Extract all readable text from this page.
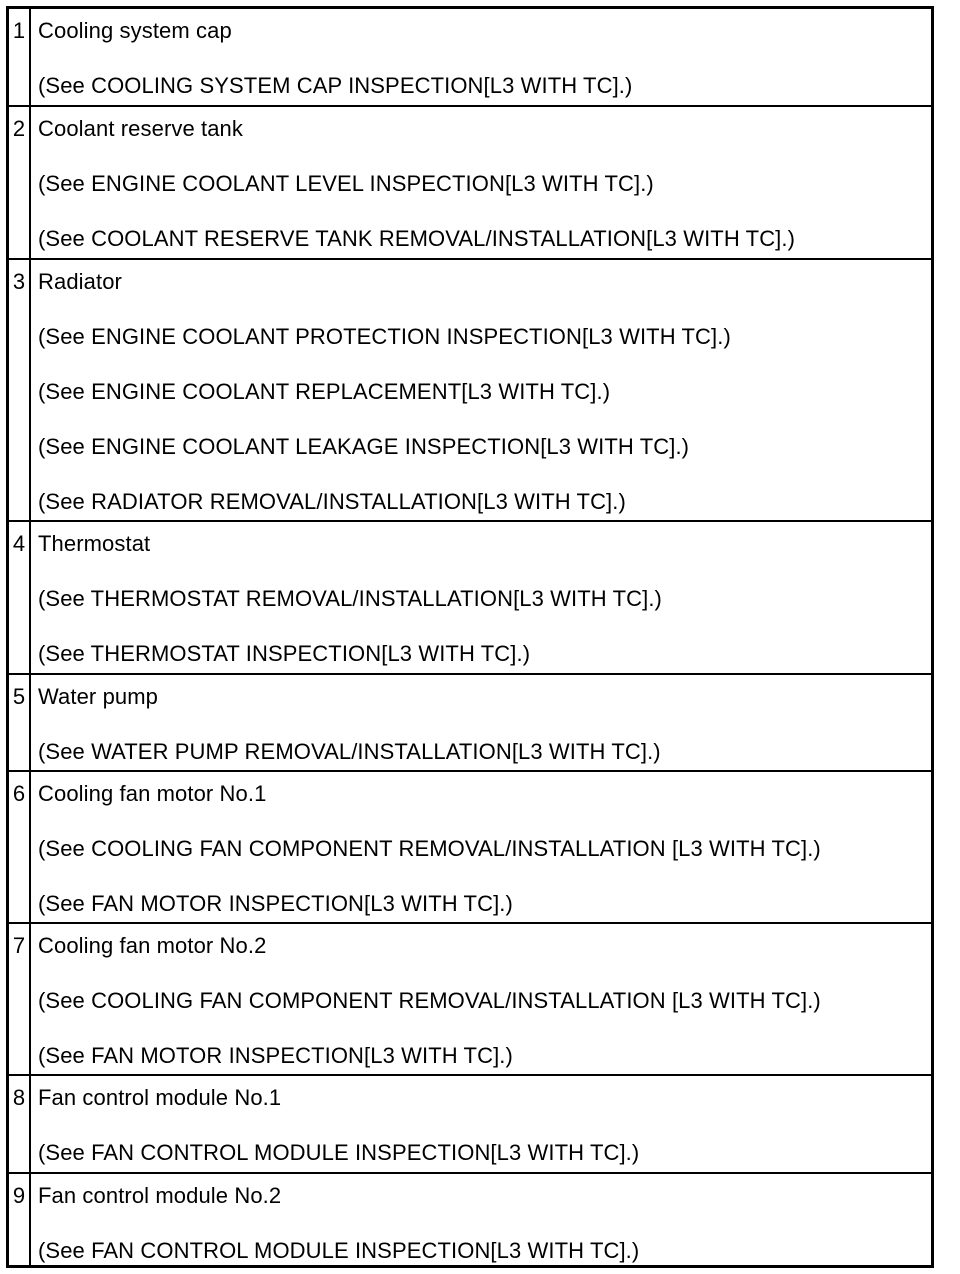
1 Cooling system cap
(See COOLING SYSTEM CAP INSPECTION[L3 WITH TC].)
2 Coolant reserve tank
(See ENGINE COOLANT LEVEL INSPECTION[L3 WITH TC].)
(See COOLANT RESERVE TANK REMOVAL/INSTALLATION[L3 WITH TC].)
3 Radiator
(See ENGINE COOLANT PROTECTION INSPECTION[L3 WITH TC].)
(See ENGINE COOLANT REPLACEMENT[L3 WITH TC].)
(See ENGINE COOLANT LEAKAGE INSPECTION[L3 WITH TC].)
(See RADIATOR REMOVAL/INSTALLATION[L3 WITH TC].)
4 Thermostat
(See THERMOSTAT REMOVAL/INSTALLATION[L3 WITH TC].)
(See THERMOSTAT INSPECTION[L3 WITH TC].)
5 Water pump
(See WATER PUMP REMOVAL/INSTALLATION[L3 WITH TC].)
6 Cooling fan motor No.1
(See COOLING FAN COMPONENT REMOVAL/INSTALLATION [L3 WITH TC].)
(See FAN MOTOR INSPECTION[L3 WITH TC].)
7 Cooling fan motor No.2
(See COOLING FAN COMPONENT REMOVAL/INSTALLATION [L3 WITH TC].)
(See FAN MOTOR INSPECTION[L3 WITH TC].)
8 Fan control module No.1
(See FAN CONTROL MODULE INSPECTION[L3 WITH TC].)
9 Fan control module No.2
(See FAN CONTROL MODULE INSPECTION[L3 WITH TC].)
